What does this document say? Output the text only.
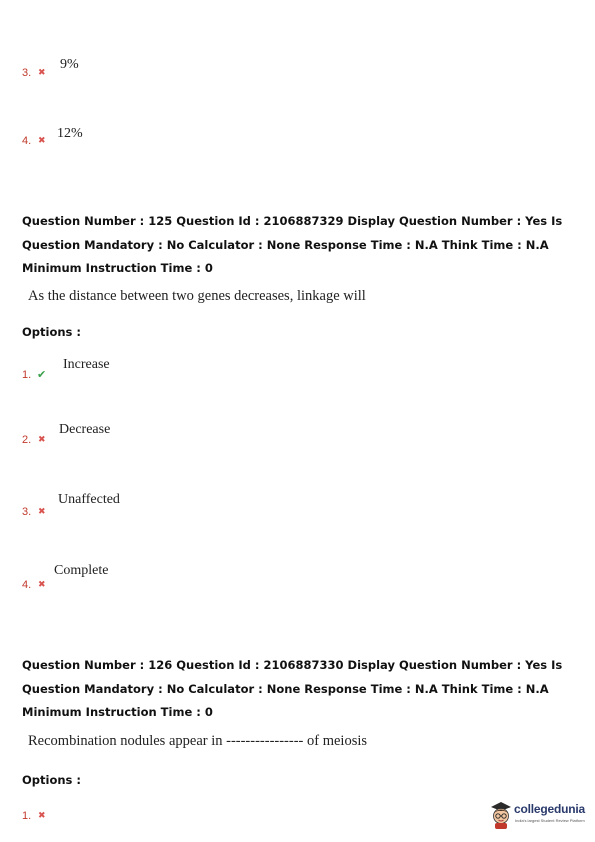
3. ✖
9%
4. ✖ 12%
Question Number : 125 Question Id : 2106887329 Display Question Number : Yes Is Question Mandatory : No Calculator : None Response Time : N.A Think Time : N.A Minimum Instruction Time : 0
As the distance between two genes decreases, linkage will
Options :
1. ✔
Increase
2. ✖
Decrease
3. ✖
Unaffected
4. ✖
Complete
Question Number : 126 Question Id : 2106887330 Display Question Number : Yes Is Question Mandatory : No Calculator : None Response Time : N.A Think Time : N.A Minimum Instruction Time : 0
Recombination nodules appear in ---------------- of meiosis
Options :
1. ✖	collegedunia
India's largest Student Review Platform
